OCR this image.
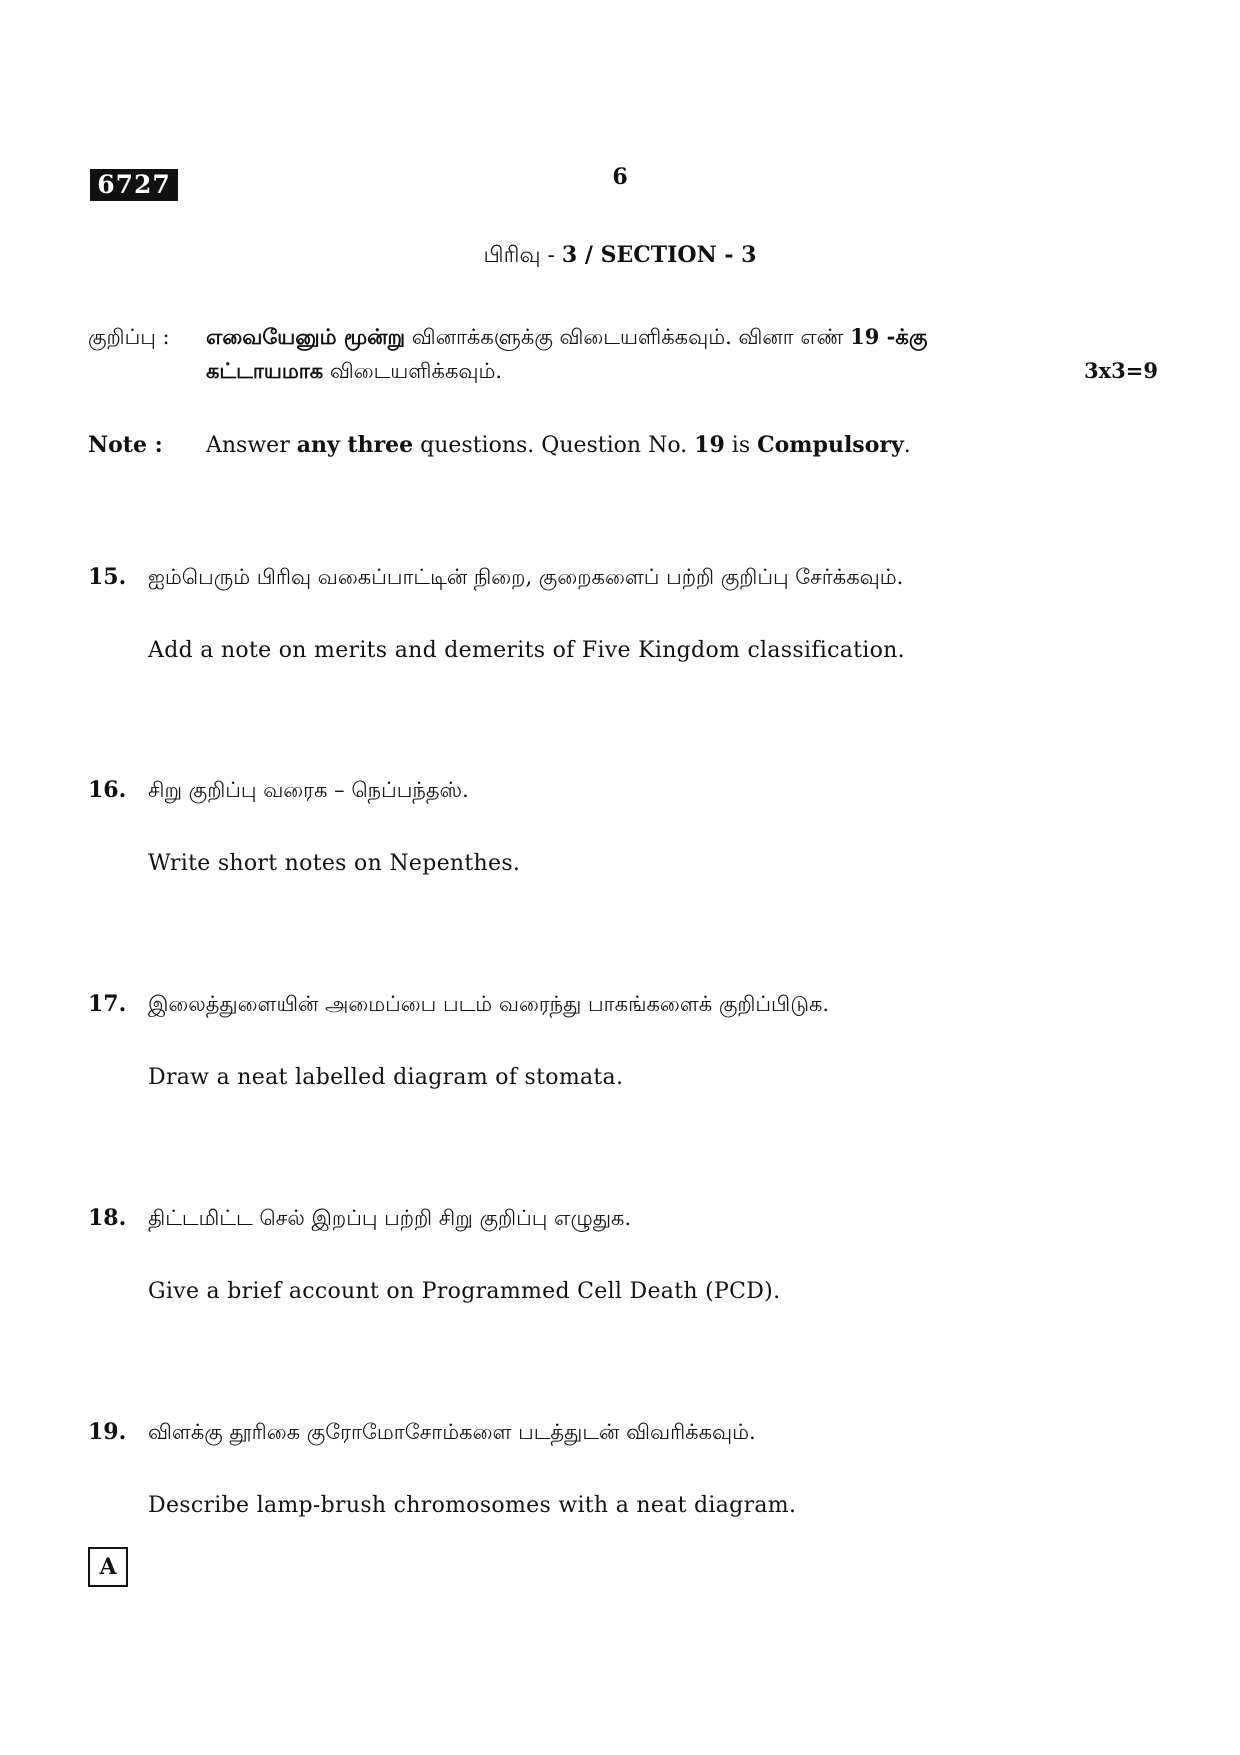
6727	6
பிரிவு - 3 / SECTION - 3
குறிப்பு :	எவையேனும் மூன்று வினாக்களுக்கு விடையளிக்கவும். வினா எண் 19 -க்கு
கட்டாயமாக விடையளிக்கவும்.	3x3=9
Note : Answer any three questions. Question No. 19 is Compulsory.
15. ஐம்பெரும் பிரிவு வகைப்பாட்டின் நிறை, குறைகளைப் பற்றி குறிப்பு சேர்க்கவும்.
Add a note on merits and demerits of Five Kingdom classification.
16. சிறு குறிப்பு வரைக – நெப்பந்தஸ்.
Write short notes on Nepenthes.
17. இலைத்துளையின் அமைப்பை படம் வரைந்து பாகங்களைக் குறிப்பிடுக.
Draw a neat labelled diagram of stomata.
18. திட்டமிட்ட செல் இறப்பு பற்றி சிறு குறிப்பு எழுதுக.
Give a brief account on Programmed Cell Death (PCD).
19. விளக்கு தூரிகை குரோமோசோம்களை படத்துடன் விவரிக்கவும்.
Describe lamp-brush chromosomes with a neat diagram.
A
